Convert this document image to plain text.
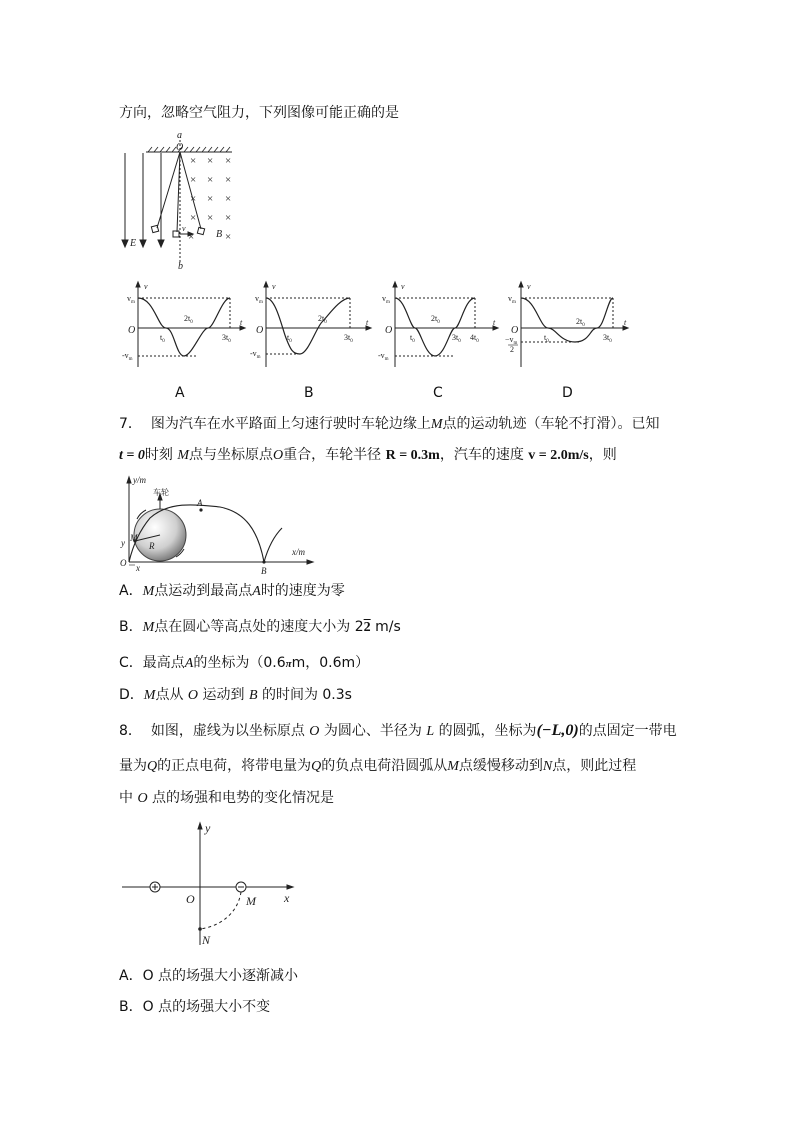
方向，忽略空气阻力，下列图像可能正确的是
× × ×
× × ×
× × ×
× × ×
×	×
a
O
b
E
B
v
v
t
O
$v_m$
$-v_m$
$t_0$
$2t_0$
$3t_0$
v
t
O
$v_m$
$-v_m$
$t_0$
$2t_0$
$3t_0$
v
t
O
$v_m$
$-v_m$
$t_0$
$2t_0$
$3t_0$ $4t_0$
v
t
O
$v_m$
$-v_m$
2
$t_0$
$2t_0$
$3t_0$
A	B	C	D
7． 图为汽车在水平路面上匀速行驶时车轮边缘上M点的运动轨迹（车轮不打滑）。已知
t = 0时刻 M点与坐标原点O重合，车轮半径 R = 0.3m，汽车的速度 v = 2.0m/s，则
y/m
x/m
车轮
A
B
M
R
O x
y
A．M点运动到最高点A时的速度为零
B．M点在圆心等高点处的速度大小为 22 m/s
C．最高点A的坐标为（0.6πm，0.6m）
D．M点从 O 运动到 B 的时间为 0.3s
8． 如图，虚线为以坐标原点 O 为圆心、半径为 L 的圆弧，坐标为(−L,0)的点固定一带电
量为Q的正点电荷，将带电量为Q的负点电荷沿圆弧从M点缓慢移动到N点，则此过程
中 O 点的场强和电势的变化情况是
y
x
O	M
N
A．O 点的场强大小逐渐减小
B．O 点的场强大小不变
